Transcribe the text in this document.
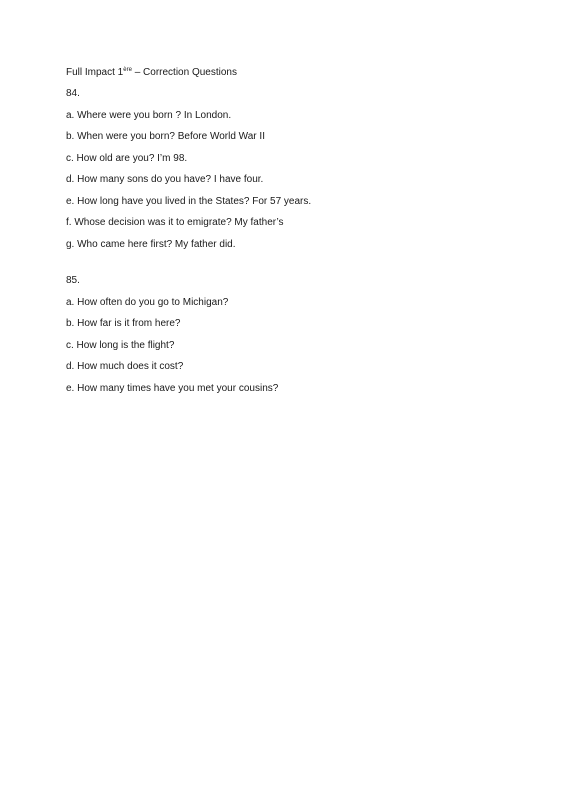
Full Impact 1ère – Correction Questions

84.

a. Where were you born ? In London.

b. When were you born? Before World War II

c. How old are you? I’m 98.

d. How many sons do you have? I have four.

e. How long have you lived in the States? For 57 years.

f. Whose decision was it to emigrate? My father’s

g. Who came here first? My father did.

85.

a. How often do you go to Michigan?

b. How far is it from here?

c. How long is the flight?

d. How much does it cost?

e. How many times have you met your cousins?
